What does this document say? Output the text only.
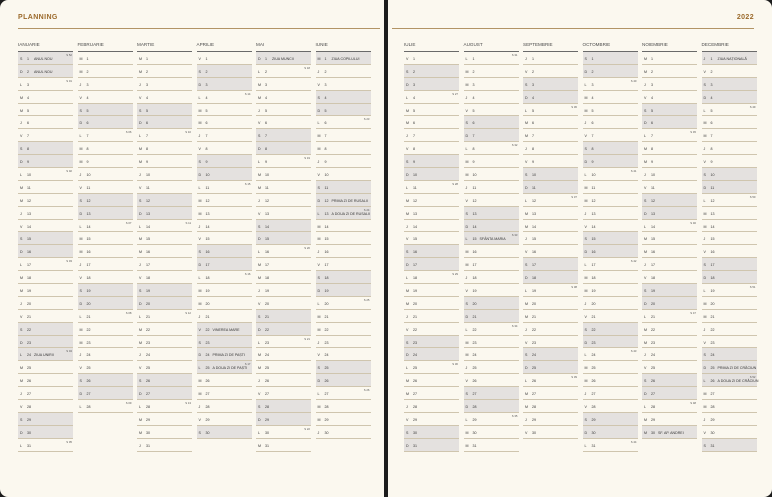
PLANNING
IANUARIE
S 1 ANUL NOU
S 52
D 2 ANUL NOU
L 3
S 01
M 4
M 5
J 6
V 7
S 8
D 9
L 10
S 02
M 11
M 12
J 13
V 14
S 15
D 16
L 17
S 03
M 18
M 19
J 20
V 21
S 22
D 23
L 24 ZIUA UNIRII
S 04
M 25
M 26
J 27
V 28
S 29
D 30
L 31
S 05
FEBRUARIE
M 1
M 2
J 3
V 4
S 5
D 6
L 7
S 06
M 8
M 9
J 10
V 11
S 12
D 13
L 14
S 07
M 15
M 16
J 17
V 18
S 19
D 20
L 21
S 08
M 22
M 23
J 24
V 25
S 26
D 27
L 28
S 09
MARTIE
M 1
M 2
J 3
V 4
S 5
D 6
L 7
S 10
M 8
M 9
J 10
V 11
S 12
D 13
L 14
S 11
M 15
M 16
J 17
V 18
S 19
D 20
L 21
S 12
M 22
M 23
J 24
V 25
S 26
D 27
L 28
S 13
M 29
M 30
J 31
APRILIE
V 1
S 2
D 3
L 4
S 14
M 5
M 6
J 7
V 8
S 9
D 10
L 11
S 15
M 12
M 13
J 14
V 15
S 16
D 17
L 18
S 16
M 19
M 20
J 21
V 22 VINEREA MARE
S 23
D 24 PRIMA ZI DE PAȘTI
L 25 A DOUA ZI DE PAȘTI
S 17
M 26
M 27
J 28
V 29
S 30
MAI
D 1 ZIUA MUNCII
L 2
S 18
M 3
M 4
J 5
V 6
S 7
D 8
L 9
S 19
M 10
M 11
J 12
V 13
S 14
D 15
L 16
S 20
M 17
M 18
J 19
V 20
S 21
D 22
L 23
S 21
M 24
M 25
J 26
V 27
S 28
D 29
L 30
S 22
M 31
IUNIE
M 1 ZIUA COPILULUI
J 2
V 3
S 4
D 5
L 6
S 23
M 7
M 8
J 9
V 10
S 11
D 12 PRIMA ZI DE RUSALII
L 13 A DOUA ZI DE RUSALII
S 24
M 14
M 15
J 16
V 17
S 18
D 19
L 20
S 25
M 21
M 22
J 23
V 24
S 25
D 26
L 27
S 26
M 28
M 29
J 30
2022
IULIE
V 1
S 2
D 3
L 4
S 27
M 5
M 6
J 7
V 8
S 9
D 10
L 11
S 28
M 12
M 13
J 14
V 15
S 16
D 17
L 18
S 29
M 19
M 20
J 21
V 22
S 23
D 24
L 25
S 30
M 26
M 27
J 28
V 29
S 30
D 31
AUGUST
L 1
S 31
M 2
M 3
J 4
V 5
S 6
D 7
L 8
S 32
M 9
M 10
J 11
V 12
S 13
D 14
L 15 SFÂNTA MARIA
S 33
M 16
M 17
J 18
V 19
S 20
D 21
L 22
S 34
M 23
M 24
J 25
V 26
S 27
D 28
L 29
S 35
M 30
M 31
SEPTEMBRIE
J 1
V 2
S 3
D 4
L 5
S 36
M 6
M 7
J 8
V 9
S 10
D 11
L 12
S 37
M 13
M 14
J 15
V 16
S 17
D 18
L 19
S 38
M 20
M 21
J 22
V 23
S 24
D 25
L 26
S 39
M 27
M 28
J 29
V 30
OCTOMBRIE
S 1
D 2
L 3
S 40
M 4
M 5
J 6
V 7
S 8
D 9
L 10
S 41
M 11
M 12
J 13
V 14
S 15
D 16
L 17
S 42
M 18
M 19
J 20
V 21
S 22
D 23
L 24
S 43
M 25
M 26
J 27
V 28
S 29
D 30
L 31
S 44
NOIEMBRIE
M 1
M 2
J 3
V 4
S 5
D 6
L 7
S 45
M 8
M 9
J 10
V 11
S 12
D 13
L 14
S 46
M 15
M 16
J 17
V 18
S 19
D 20
L 21
S 47
M 22
M 23
J 24
V 25
S 26
D 27
L 28
S 48
M 29
M 30 SF. AP. ANDREI
DECEMBRIE
J 1 ZIUA NAȚIONALĂ
V 2
S 3
D 4
L 5
S 49
M 6
M 7
J 8
V 9
S 10
D 11
L 12
S 50
M 13
M 14
J 15
V 16
S 17
D 18
L 19
S 51
M 20
M 21
J 22
V 23
S 24
D 25 PRIMA ZI DE CRĂCIUN
L 26 A DOUA ZI DE CRĂCIUN
S 52
M 27
M 28
J 29
V 30
S 31
